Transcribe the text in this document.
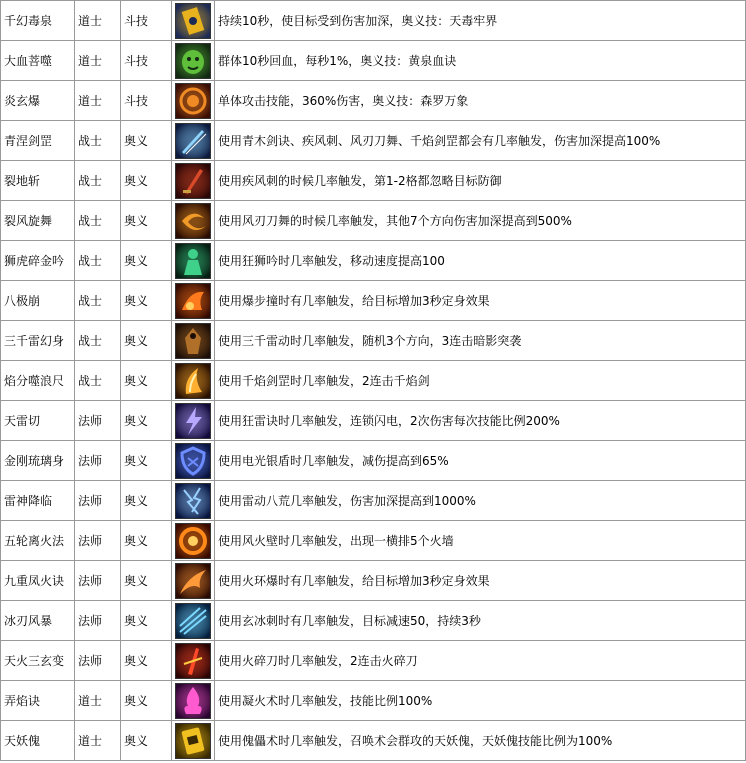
千幻毒泉	道士	斗技		持续10秒，使目标受到伤害加深，奥义技：天毒牢界
大血菩噬	道士	斗技		群体10秒回血，每秒1%，奥义技：黄泉血诀
炎玄爆	道士	斗技		单体攻击技能，360%伤害，奥义技：森罗万象
青涅剑罡	战士	奥义		使用青木剑诀、疾风刺、风刃刀舞、千焰剑罡都会有几率触发，伤害加深提高100%
裂地斩	战士	奥义		使用疾风刺的时候几率触发，第1-2格都忽略目标防御
裂风旋舞	战士	奥义		使用风刃刀舞的时候几率触发，其他7个方向伤害加深提高到500%
狮虎碎金吟	战士	奥义		使用狂狮吟时几率触发，移动速度提高100
八极崩	战士	奥义		使用爆步撞时有几率触发，给目标增加3秒定身效果
三千雷幻身	战士	奥义		使用三千雷动时几率触发，随机3个方向，3连击暗影突袭
焰分噬浪尺	战士	奥义		使用千焰剑罡时几率触发，2连击千焰剑
天雷切	法师	奥义		使用狂雷诀时几率触发，连锁闪电，2次伤害每次技能比例200%
金刚琉璃身	法师	奥义		使用电光银盾时几率触发，减伤提高到65%
雷神降临	法师	奥义		使用雷动八荒几率触发，伤害加深提高到1000%
五轮离火法	法师	奥义		使用风火壁时几率触发，出现一横排5个火墙
九重凤火诀	法师	奥义		使用火环爆时有几率触发，给目标增加3秒定身效果
冰刃风暴	法师	奥义		使用玄冰刺时有几率触发，目标减速50，持续3秒
天火三玄变	法师	奥义		使用火碎刀时几率触发，2连击火碎刀
弄焰诀	道士	奥义		使用凝火术时几率触发，技能比例100%
天妖傀	道士	奥义		使用傀儡术时几率触发，召唤术会群攻的天妖傀，天妖傀技能比例为100%
